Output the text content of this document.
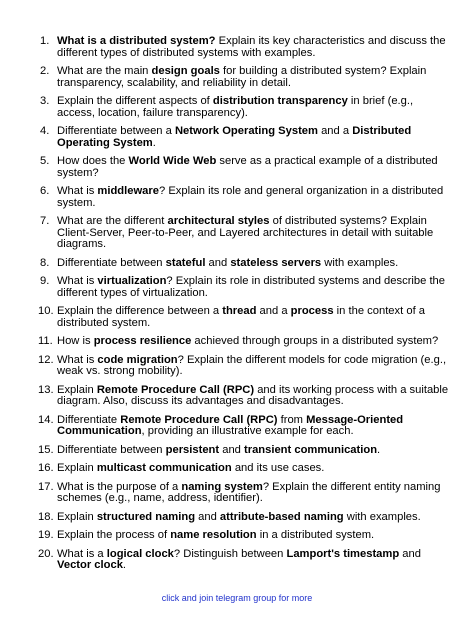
1. What is a distributed system? Explain its key characteristics and discuss the different types of distributed systems with examples.
2. What are the main design goals for building a distributed system? Explain transparency, scalability, and reliability in detail.
3. Explain the different aspects of distribution transparency in brief (e.g., access, location, failure transparency).
4. Differentiate between a Network Operating System and a Distributed Operating System.
5. How does the World Wide Web serve as a practical example of a distributed system?
6. What is middleware? Explain its role and general organization in a distributed system.
7. What are the different architectural styles of distributed systems? Explain Client-Server, Peer-to-Peer, and Layered architectures in detail with suitable diagrams.
8. Differentiate between stateful and stateless servers with examples.
9. What is virtualization? Explain its role in distributed systems and describe the different types of virtualization.
10. Explain the difference between a thread and a process in the context of a distributed system.
11. How is process resilience achieved through groups in a distributed system?
12. What is code migration? Explain the different models for code migration (e.g., weak vs. strong mobility).
13. Explain Remote Procedure Call (RPC) and its working process with a suitable diagram. Also, discuss its advantages and disadvantages.
14. Differentiate Remote Procedure Call (RPC) from Message-Oriented Communication, providing an illustrative example for each.
15. Differentiate between persistent and transient communication.
16. Explain multicast communication and its use cases.
17. What is the purpose of a naming system? Explain the different entity naming schemes (e.g., name, address, identifier).
18. Explain structured naming and attribute-based naming with examples.
19. Explain the process of name resolution in a distributed system.
20. What is a logical clock? Distinguish between Lamport's timestamp and Vector clock.
click and join telegram group for more
